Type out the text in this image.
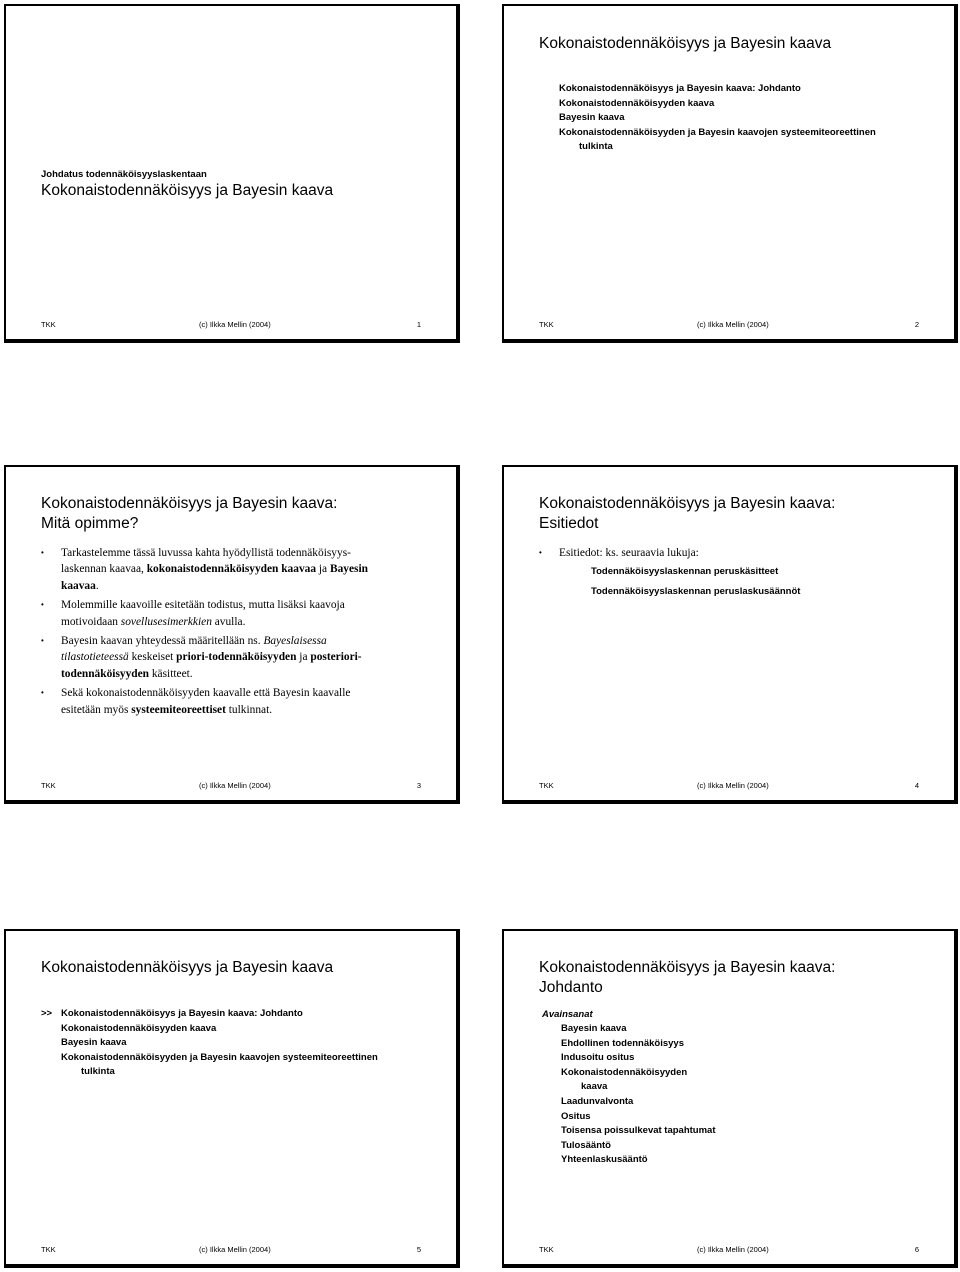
Johdatus todennäköisyyslaskentaan
Kokonaistodennäköisyys ja Bayesin kaava
TKK	(c) Ilkka Mellin (2004)	1
Kokonaistodennäköisyys ja Bayesin kaava
Kokonaistodennäköisyys ja Bayesin kaava: Johdanto
Kokonaistodennäköisyyden kaava
Bayesin kaava
Kokonaistodennäköisyyden ja Bayesin kaavojen systeemiteoreettinen
tulkinta
TKK	(c) Ilkka Mellin (2004)	2
Kokonaistodennäköisyys ja Bayesin kaava:
Mitä opimme?
• Tarkastelemme tässä luvussa kahta hyödyllistä todennäköisyys-
laskennan kaavaa, kokonaistodennäköisyyden kaavaa ja Bayesin
kaavaa.
• Molemmille kaavoille esitetään todistus, mutta lisäksi kaavoja
motivoidaan sovellusesimerkkien avulla.
• Bayesin kaavan yhteydessä määritellään ns. Bayeslaisessa
tilastotieteessä keskeiset priori-todennäköisyyden ja posteriori-
todennäköisyyden käsitteet.
• Sekä kokonaistodennäköisyyden kaavalle että Bayesin kaavalle
esitetään myös systeemiteoreettiset tulkinnat.
TKK	(c) Ilkka Mellin (2004)	3
Kokonaistodennäköisyys ja Bayesin kaava:
Esitiedot
• Esitiedot: ks. seuraavia lukuja:
Todennäköisyyslaskennan peruskäsitteet
Todennäköisyyslaskennan peruslaskusäännöt
TKK	(c) Ilkka Mellin (2004)	4
Kokonaistodennäköisyys ja Bayesin kaava
>> Kokonaistodennäköisyys ja Bayesin kaava: Johdanto
Kokonaistodennäköisyyden kaava
Bayesin kaava
Kokonaistodennäköisyyden ja Bayesin kaavojen systeemiteoreettinen
tulkinta
TKK	(c) Ilkka Mellin (2004)	5
Kokonaistodennäköisyys ja Bayesin kaava:
Johdanto
Avainsanat
Bayesin kaava
Ehdollinen todennäköisyys
Indusoitu ositus
Kokonaistodennäköisyyden
kaava
Laadunvalvonta
Ositus
Toisensa poissulkevat tapahtumat
Tulosääntö
Yhteenlaskusääntö
TKK	(c) Ilkka Mellin (2004)	6
